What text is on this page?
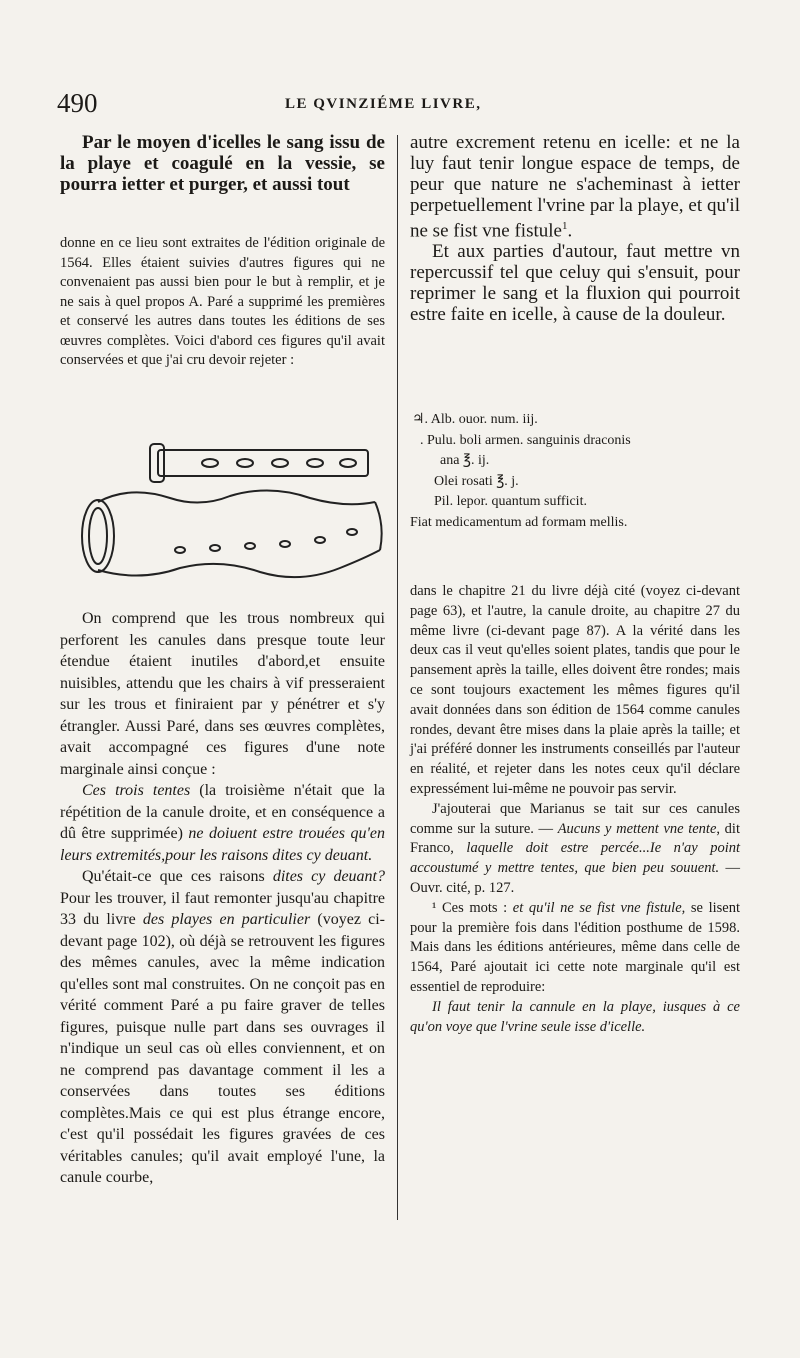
490	LE QVINZIÉME LIVRE,

Par le moyen d'icelles le sang issu de la playe et coagulé en la vessie, se pourra ietter et purger, et aussi tout

donne en ce lieu sont extraites de l'édition originale de 1564. Elles étaient suivies d'autres figures qui ne convenaient pas aussi bien pour le but à remplir, et je ne sais à quel propos A. Paré a supprimé les premières et conservé les autres dans toutes les éditions de ses œuvres complètes. Voici d'abord ces figures qu'il avait conservées et que j'ai cru devoir rejeter :

On comprend que les trous nombreux qui perforent les canules dans presque toute leur étendue étaient inutiles d'abord,et ensuite nuisibles, attendu que les chairs à vif presseraient sur les trous et finiraient par y pénétrer et s'y étrangler. Aussi Paré, dans ses œuvres complètes, avait accompagné ces figures d'une note marginale ainsi conçue :

Ces trois tentes (la troisième n'était que la répétition de la canule droite, et en conséquence a dû être supprimée) ne doiuent estre trouées qu'en leurs extremités,pour les raisons dites cy deuant.

Qu'était-ce que ces raisons dites cy deuant? Pour les trouver, il faut remonter jusqu'au chapitre 33 du livre des playes en particulier (voyez ci-devant page 102), où déjà se retrouvent les figures des mêmes canules, avec la même indication qu'elles sont mal construites. On ne conçoit pas en vérité comment Paré a pu faire graver de telles figures, puisque nulle part dans ses ouvrages il n'indique un seul cas où elles conviennent, et on ne comprend pas davantage comment il les a conservées dans toutes ses éditions complètes.Mais ce qui est plus étrange encore, c'est qu'il possédait les figures gravées de ces véritables canules; qu'il avait employé l'une, la canule courbe,

autre excrement retenu en icelle: et ne la luy faut tenir longue espace de temps, de peur que nature ne s'acheminast à ietter perpetuellement l'vrine par la playe, et qu'il ne se fist vne fistule$^1$.

Et aux parties d'autour, faut mettre vn repercussif tel que celuy qui s'ensuit, pour reprimer le sang et la fluxion qui pourroit estre faite en icelle, à cause de la douleur.

♃. Alb. ouor. num. iij.
. Pulu. boli armen. sanguinis draconis
ana ℥. ij.
Olei rosati ℥. j.
Pil. lepor. quantum sufficit.
Fiat medicamentum ad formam mellis.

dans le chapitre 21 du livre déjà cité (voyez ci-devant page 63), et l'autre, la canule droite, au chapitre 27 du même livre (ci-devant page 87). A la vérité dans les deux cas il veut qu'elles soient plates, tandis que pour le pansement après la taille, elles doivent être rondes; mais ce sont toujours exactement les mêmes figures qu'il avait données dans son édition de 1564 comme canules rondes, devant être mises dans la plaie après la taille; et j'ai préféré donner les instruments conseillés par l'auteur en réalité, et rejeter dans les notes ceux qu'il déclare expressément lui-même ne pouvoir pas servir.

J'ajouterai que Marianus se tait sur ces canules comme sur la suture. — Aucuns y mettent vne tente, dit Franco, laquelle doit estre percée...Ie n'ay point accoustumé y mettre tentes, que bien peu souuent. — Ouvr. cité, p. 127.

¹ Ces mots : et qu'il ne se fist vne fistule, se lisent pour la première fois dans l'édition posthume de 1598. Mais dans les éditions antérieures, même dans celle de 1564, Paré ajoutait ici cette note marginale qu'il est essentiel de reproduire:

Il faut tenir la cannule en la playe, iusques à ce qu'on voye que l'vrine seule isse d'icelle.
